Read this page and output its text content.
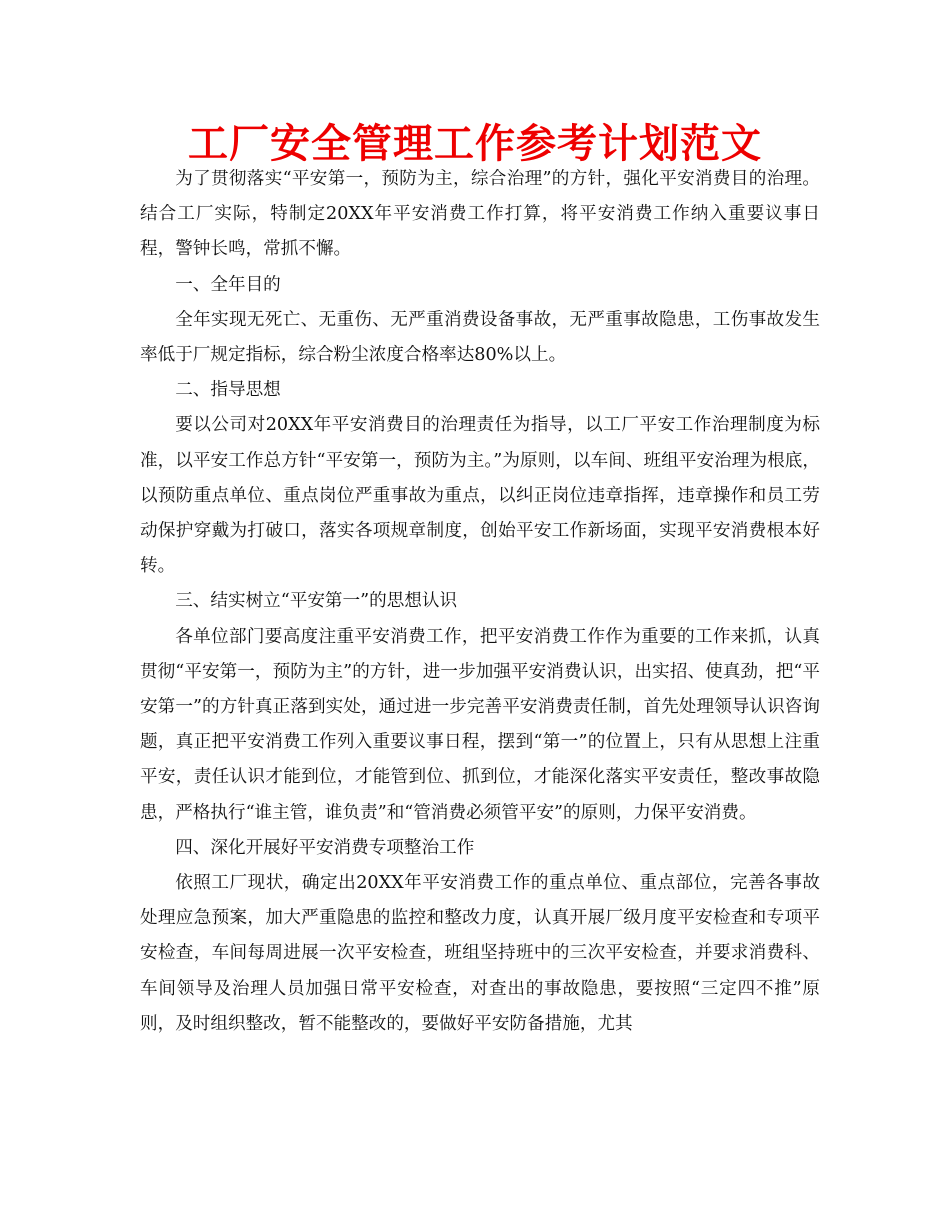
工厂安全管理工作参考计划范文

为了贯彻落实“平安第一，预防为主，综合治理”的方针，强化平安消费目的治理。结合工厂实际，特制定20XX年平安消费工作打算，将平安消费工作纳入重要议事日程，警钟长鸣，常抓不懈。

一、全年目的

全年实现无死亡、无重伤、无严重消费设备事故，无严重事故隐患，工伤事故发生率低于厂规定指标，综合粉尘浓度合格率达80%以上。

二、指导思想

要以公司对20XX年平安消费目的治理责任为指导，以工厂平安工作治理制度为标准，以平安工作总方针“平安第一，预防为主。”为原则，以车间、班组平安治理为根底，以预防重点单位、重点岗位严重事故为重点，以纠正岗位违章指挥，违章操作和员工劳动保护穿戴为打破口，落实各项规章制度，创始平安工作新场面，实现平安消费根本好转。

三、结实树立“平安第一”的思想认识

各单位部门要高度注重平安消费工作，把平安消费工作作为重要的工作来抓，认真贯彻“平安第一，预防为主”的方针，进一步加强平安消费认识，出实招、使真劲，把“平安第一”的方针真正落到实处，通过进一步完善平安消费责任制，首先处理领导认识咨询题，真正把平安消费工作列入重要议事日程，摆到“第一”的位置上，只有从思想上注重平安，责任认识才能到位，才能管到位、抓到位，才能深化落实平安责任，整改事故隐患，严格执行“谁主管，谁负责”和“管消费必须管平安”的原则，力保平安消费。

四、深化开展好平安消费专项整治工作

依照工厂现状，确定出20XX年平安消费工作的重点单位、重点部位，完善各事故处理应急预案，加大严重隐患的监控和整改力度，认真开展厂级月度平安检查和专项平安检查，车间每周进展一次平安检查，班组坚持班中的三次平安检查，并要求消费科、车间领导及治理人员加强日常平安检查，对查出的事故隐患，要按照“三定四不推”原则，及时组织整改，暂不能整改的，要做好平安防备措施，尤其
